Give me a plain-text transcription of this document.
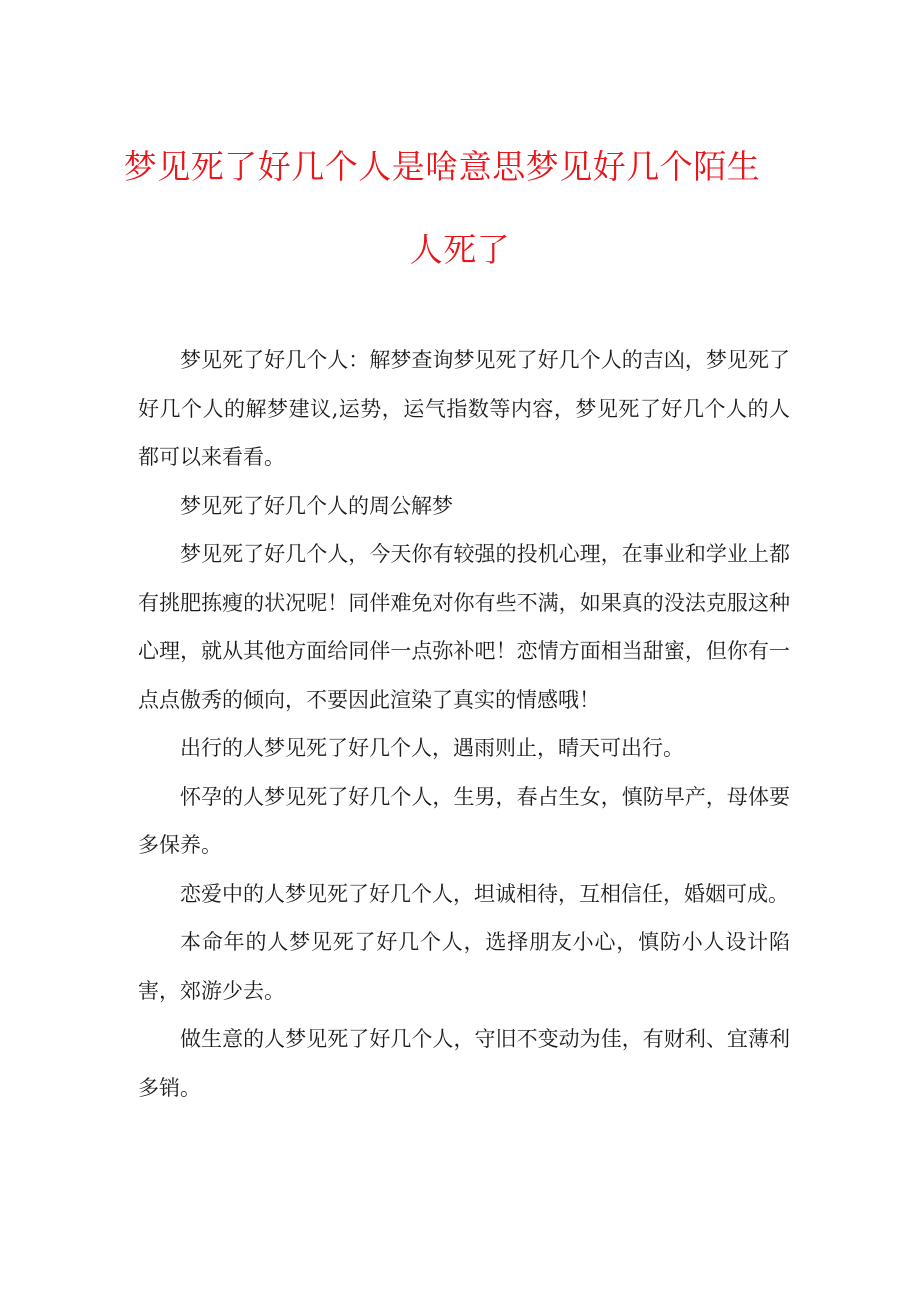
梦见死了好几个人是啥意思梦见好几个陌生
人死了

梦见死了好几个人：解梦查询梦见死了好几个人的吉凶，梦见死了好几个人的解梦建议,运势，运气指数等内容，梦见死了好几个人的人都可以来看看。

梦见死了好几个人的周公解梦

梦见死了好几个人，今天你有较强的投机心理，在事业和学业上都有挑肥拣瘦的状况呢！同伴难免对你有些不满，如果真的没法克服这种心理，就从其他方面给同伴一点弥补吧！恋情方面相当甜蜜，但你有一点点傲秀的倾向，不要因此渲染了真实的情感哦！

出行的人梦见死了好几个人，遇雨则止，晴天可出行。

怀孕的人梦见死了好几个人，生男，春占生女，慎防早产，母体要多保养。

恋爱中的人梦见死了好几个人，坦诚相待，互相信任，婚姻可成。

本命年的人梦见死了好几个人，选择朋友小心，慎防小人设计陷害，郊游少去。

做生意的人梦见死了好几个人，守旧不变动为佳，有财利、宜薄利多销。
